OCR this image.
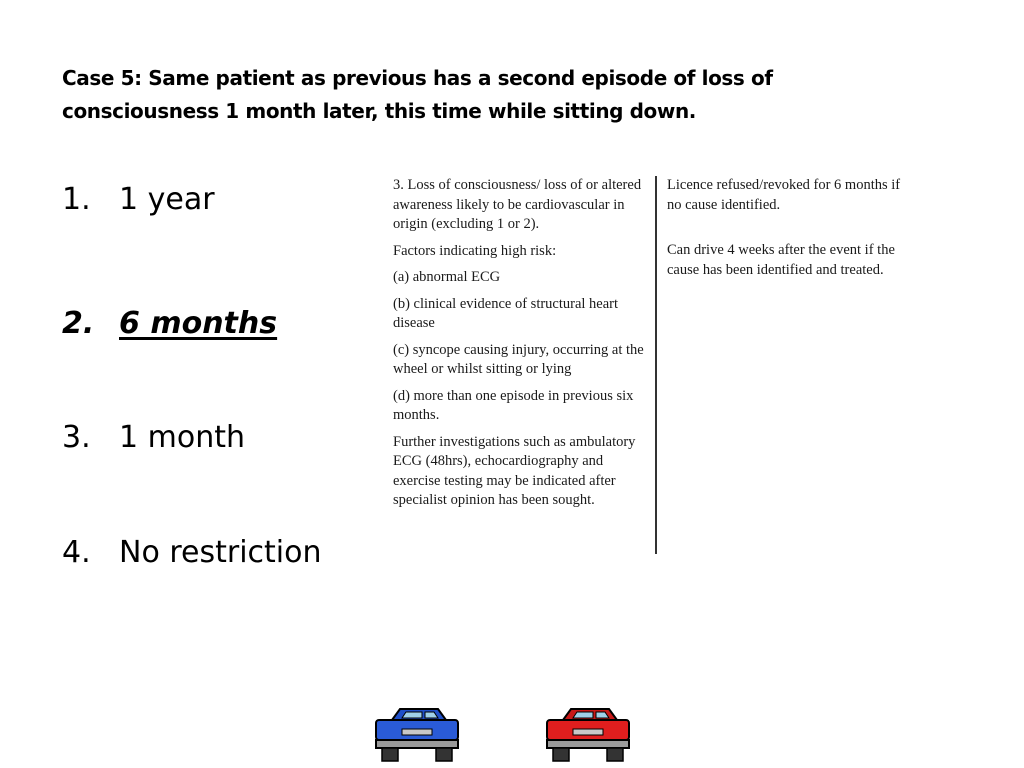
Case 5: Same patient as previous has a second episode of loss of
consciousness 1 month later, this time while sitting down.
1. 1 year
2. 6 months
3. 1 month
4. No restriction

3. Loss of consciousness/ loss of or altered awareness likely to be cardiovascular in origin (excluding 1 or 2).

Factors indicating high risk:

(a) abnormal ECG

(b) clinical evidence of structural heart disease

(c) syncope causing injury, occurring at the wheel or whilst sitting or lying

(d) more than one episode in previous six months.

Further investigations such as ambulatory ECG (48hrs), echocardiography and exercise testing may be indicated after specialist opinion has been sought.

Licence refused/revoked for 6 months if no cause identified.

Can drive 4 weeks after the event if the cause has been identified and treated.
